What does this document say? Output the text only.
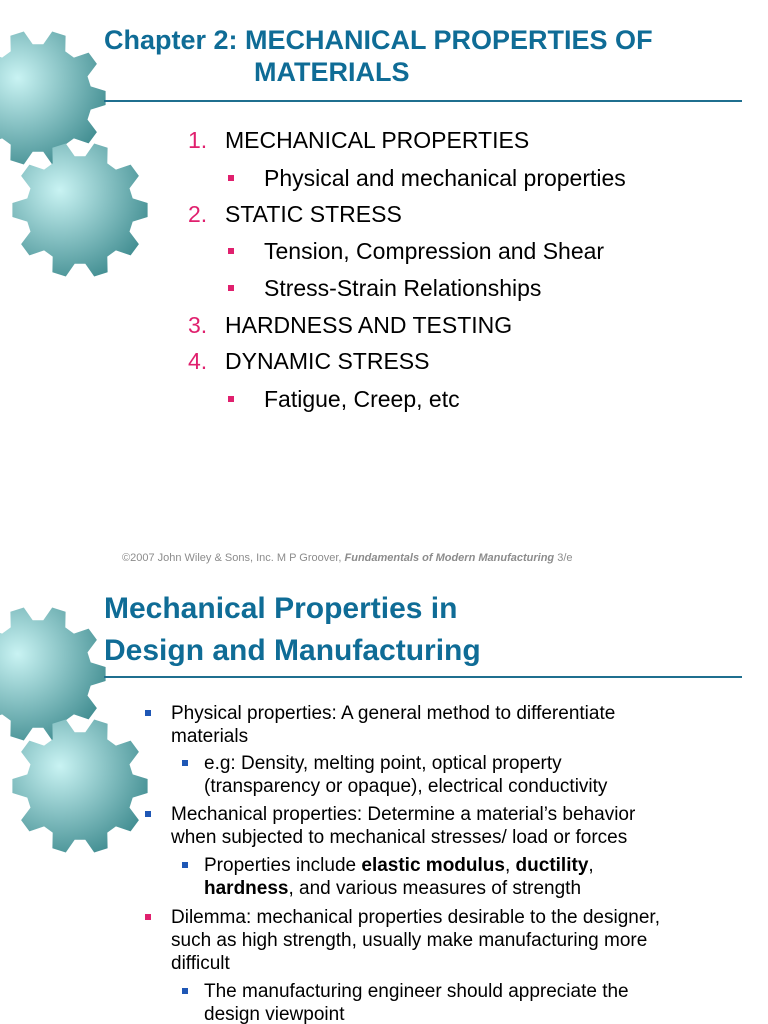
Chapter 2: MECHANICAL PROPERTIES OF
MATERIALS
1. MECHANICAL PROPERTIES
Physical and mechanical properties
2. STATIC STRESS
Tension, Compression and Shear
Stress-Strain Relationships
3. HARDNESS AND TESTING
4. DYNAMIC STRESS
Fatigue, Creep, etc
©2007 John Wiley & Sons, Inc. M P Groover, Fundamentals of Modern Manufacturing 3/e
Mechanical Properties in
Design and Manufacturing
Physical properties: A general method to differentiate
materials
e.g: Density, melting point, optical property
(transparency or opaque), electrical conductivity
Mechanical properties: Determine a material’s behavior
when subjected to mechanical stresses/ load or forces
Properties include elastic modulus, ductility,
hardness, and various measures of strength
Dilemma: mechanical properties desirable to the designer,
such as high strength, usually make manufacturing more
difficult
The manufacturing engineer should appreciate the
design viewpoint
